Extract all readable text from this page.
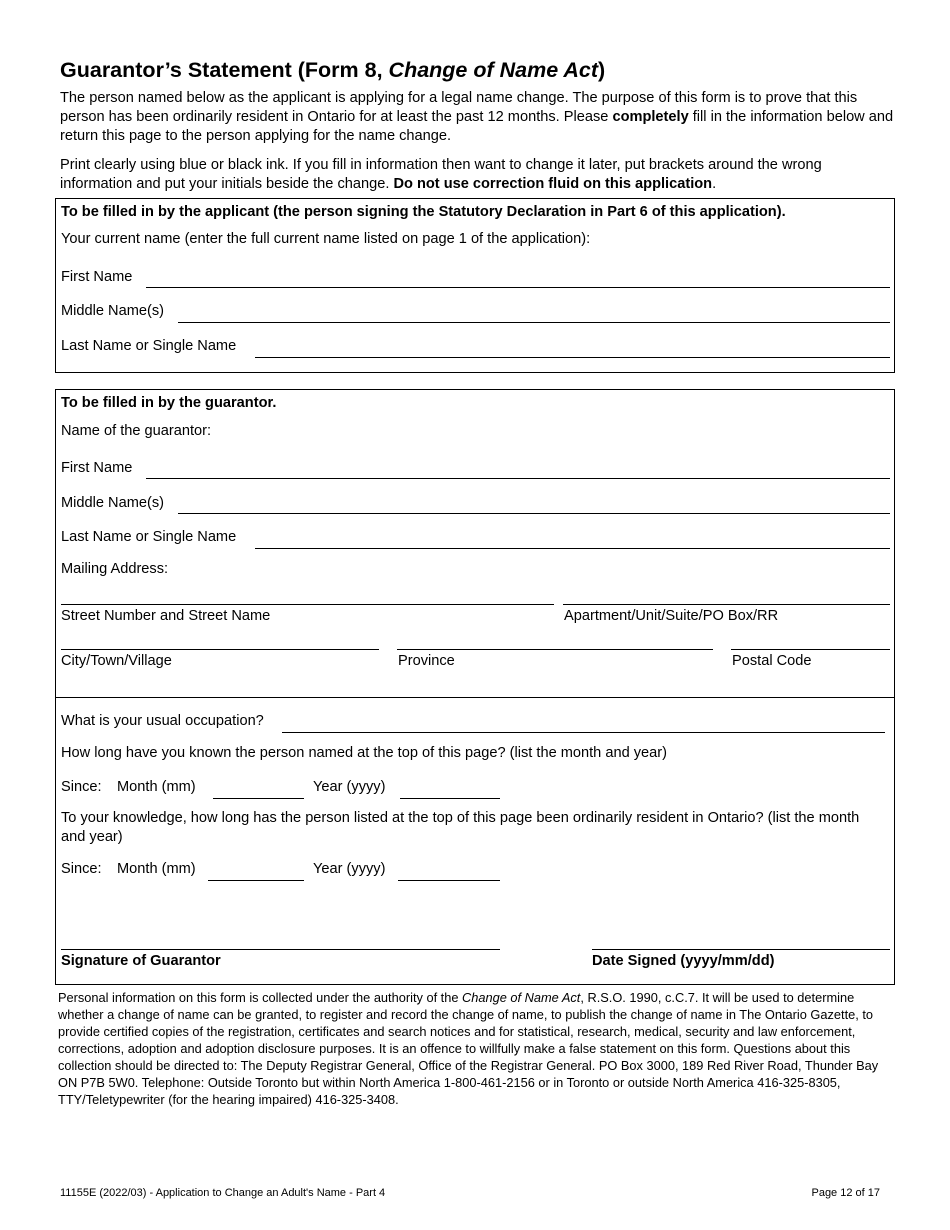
Guarantor’s Statement (Form 8, Change of Name Act)
The person named below as the applicant is applying for a legal name change. The purpose of this form is to prove that this person has been ordinarily resident in Ontario for at least the past 12 months. Please completely fill in the information below and return this page to the person applying for the name change.
Print clearly using blue or black ink. If you fill in information then want to change it later, put brackets around the wrong information and put your initials beside the change. Do not use correction fluid on this application.
To be filled in by the applicant (the person signing the Statutory Declaration in Part 6 of this application).
Your current name (enter the full current name listed on page 1 of the application):
First Name
Middle Name(s)
Last Name or Single Name
To be filled in by the guarantor.
Name of the guarantor:
First Name
Middle Name(s)
Last Name or Single Name
Mailing Address:
Street Number and Street Name	Apartment/Unit/Suite/PO Box/RR
City/Town/Village	Province	Postal Code
What is your usual occupation?
How long have you known the person named at the top of this page? (list the month and year)
Since: Month (mm)	Year (yyyy)
To your knowledge, how long has the person listed at the top of this page been ordinarily resident in Ontario? (list the month and year)
Since: Month (mm)	Year (yyyy)
Signature of Guarantor	Date Signed (yyyy/mm/dd)
Personal information on this form is collected under the authority of the Change of Name Act, R.S.O. 1990, c.C.7. It will be used to determine whether a change of name can be granted, to register and record the change of name, to publish the change of name in The Ontario Gazette, to provide certified copies of the registration, certificates and search notices and for statistical, research, medical, security and law enforcement, corrections, adoption and adoption disclosure purposes. It is an offence to willfully make a false statement on this form. Questions about this collection should be directed to: The Deputy Registrar General, Office of the Registrar General. PO Box 3000, 189 Red River Road, Thunder Bay ON P7B 5W0. Telephone: Outside Toronto but within North America 1-800-461-2156 or in Toronto or outside North America 416-325-8305, TTY/Teletypewriter (for the hearing impaired) 416-325-3408.
11155E (2022/03) - Application to Change an Adult's Name - Part 4	Page 12 of 17
